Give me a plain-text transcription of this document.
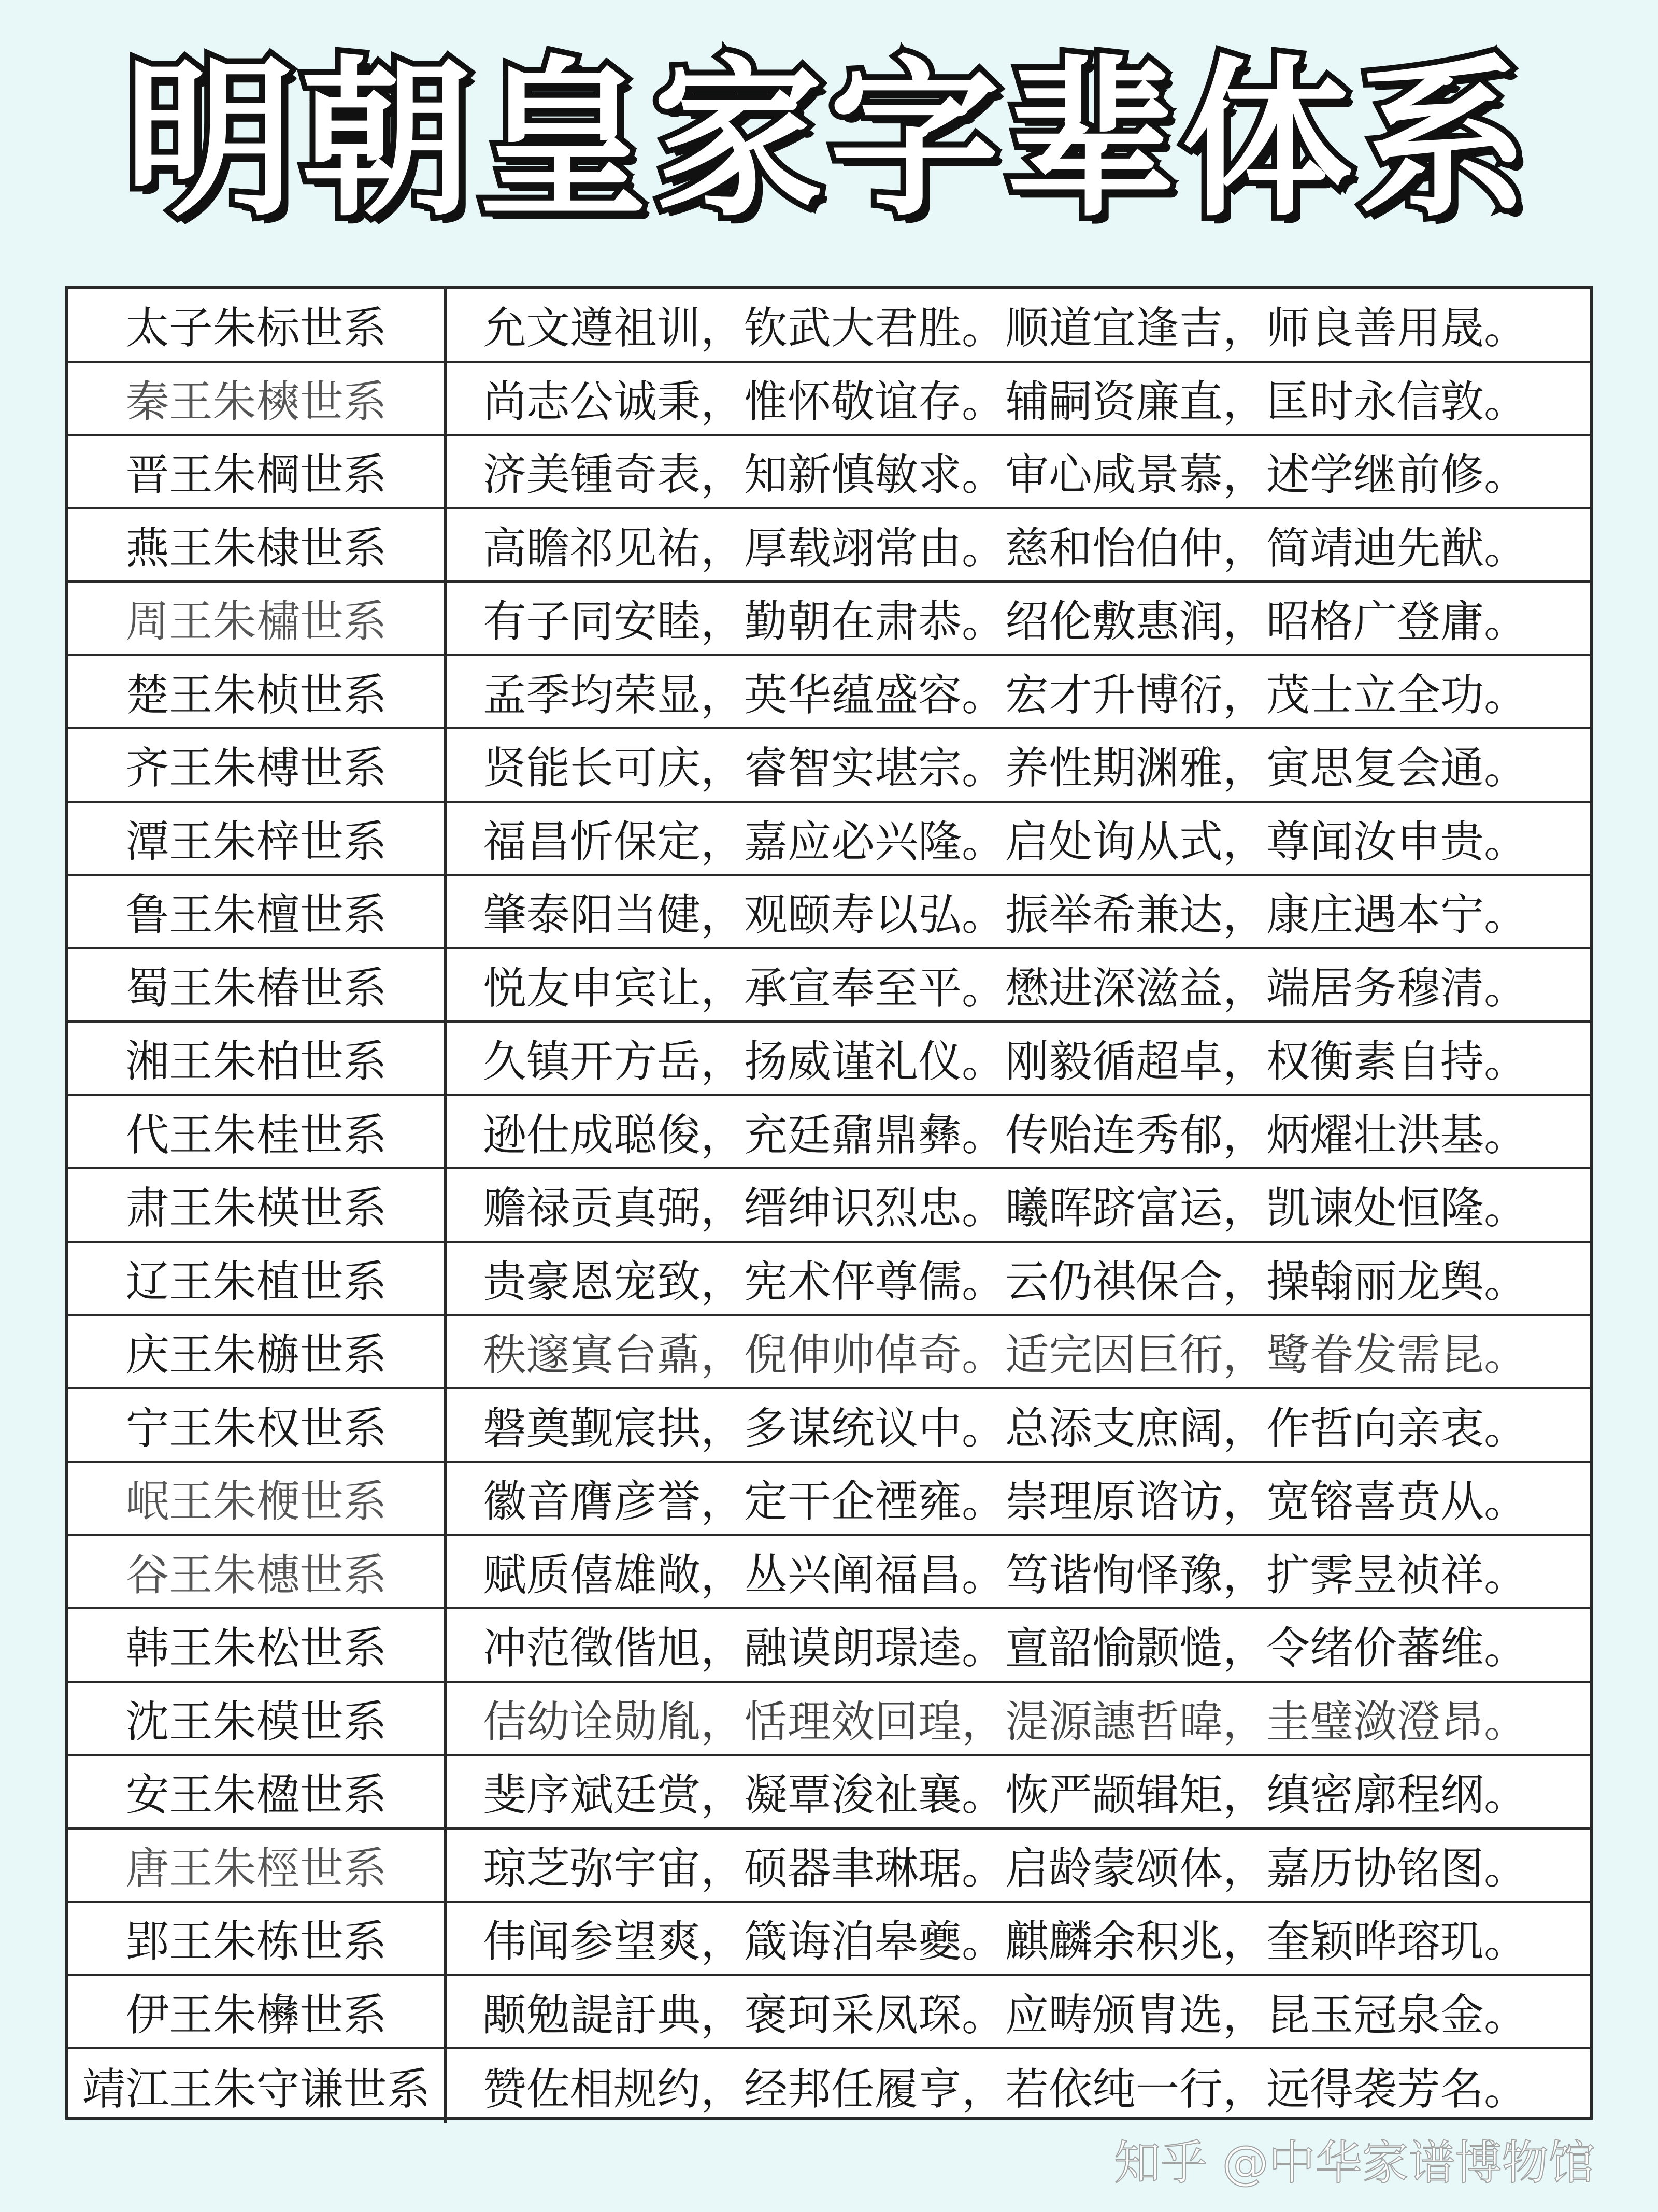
明朝皇家字辈体系
太子朱标世系	允文遵祖训，钦武大君胜。顺道宜逢吉，师良善用晟。
秦王朱樉世系	尚志公诚秉，惟怀敬谊存。辅嗣资廉直，匡时永信敦。
晋王朱棡世系	济美锺奇表，知新慎敏求。审心咸景慕，述学继前修。
燕王朱棣世系	高瞻祁见祐，厚载翊常由。慈和怡伯仲，简靖迪先猷。
周王朱橚世系	有子同安睦，勤朝在肃恭。绍伦敷惠润，昭格广登庸。
楚王朱桢世系	孟季均荣显，英华蕴盛容。宏才升博衍，茂士立全功。
齐王朱榑世系	贤能长可庆，睿智实堪宗。养性期渊雅，寅思复会通。
潭王朱梓世系	福昌忻保定，嘉应必兴隆。启处询从式，尊闻汝申贵。
鲁王朱檀世系	肇泰阳当健，观颐寿以弘。振举希兼达，康庄遇本宁。
蜀王朱椿世系	悦友申宾让，承宣奉至平。懋进深滋益，端居务穆清。
湘王朱柏世系	久镇开方岳，扬威谨礼仪。刚毅循超卓，权衡素自持。
代王朱桂世系	逊仕成聪俊，充廷鼐鼎彝。传贻连秀郁，炳燿壮洪基。
肃王朱楧世系	赡禄贡真弼，缙绅识烈忠。曦晖跻富运，凯谏处恒隆。
辽王朱植世系	贵豪恩宠致，宪术伻尊儒。云仍祺保合，操翰丽龙舆。
庆王朱㮵世系	秩邃寘台鼒，倪伸帅倬奇。适完因巨衎，鹭眷发需昆。
宁王朱权世系	磐奠觐宸拱，多谋统议中。总添支庶阔，作哲向亲衷。
岷王朱楩世系	徽音膺彦誉，定干企禋雍。崇理原谘访，宽镕喜贲从。
谷王朱橞世系	赋质僖雄敞，丛兴阐福昌。笃谐恂怿豫，扩霁昱祯祥。
韩王朱松世系	冲范徵偕旭，融谟朗璟逵。亶韶愉颢慥，令绪价蕃维。
沈王朱模世系	佶幼诠勋胤，恬理效回瑝，湜源譓哲暐，圭璧潋澄昂。
安王朱楹世系	斐序斌廷赏，凝覃浚祉襄。恢严颛辑矩，缜密廓程纲。
唐王朱桱世系	琼芝弥宇宙，硕器聿琳琚。启龄蒙颂体，嘉历协铭图。
郢王朱栋世系	伟闻参望爽，箴诲洎皋夔。麒麟余积兆，奎颖晔瑢玑。
伊王朱㰘世系	颙勉諟訏典，褒珂采凤琛。应畴颁胄选，昆玉冠泉金。
靖江王朱守谦世系	赞佐相规约，经邦任履亨，若依纯一行，远得袭芳名。
知乎 @中华家谱博物馆
